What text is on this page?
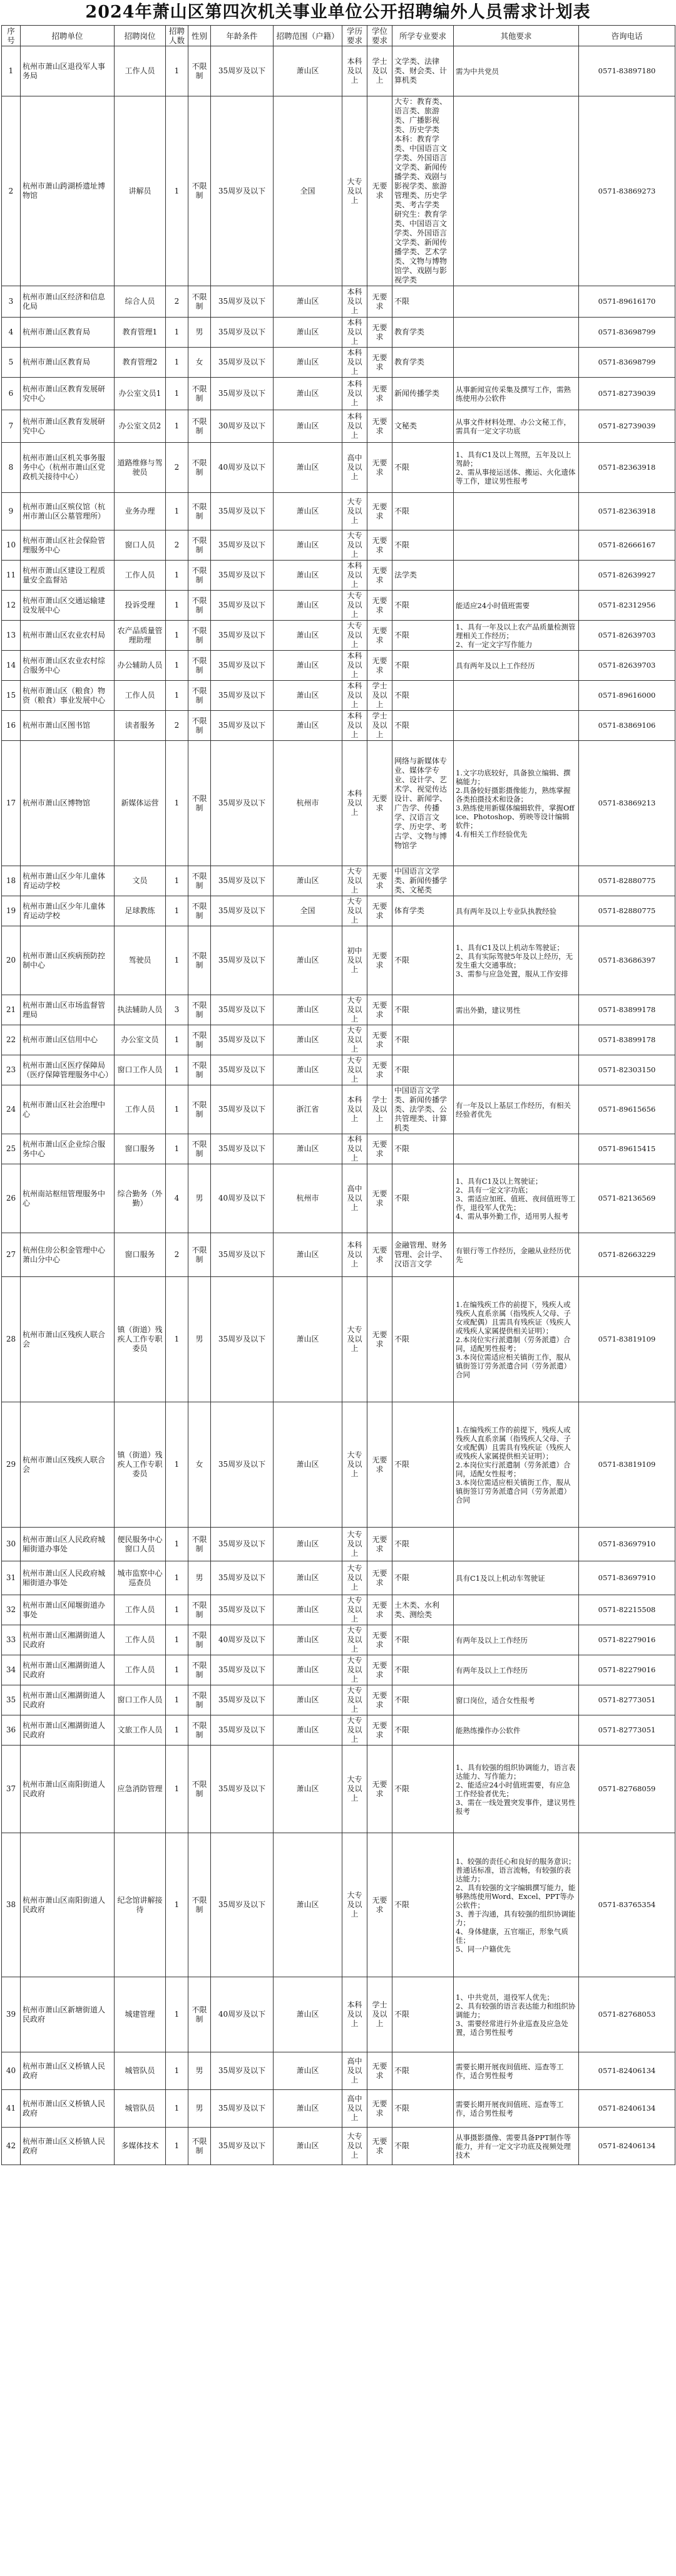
2024年萧山区第四次机关事业单位公开招聘编外人员需求计划表
序号	招聘单位	招聘岗位	招聘人数	性别	年龄条件	招聘范围（户籍）	学历要求	学位要求	所学专业要求	其他要求	咨询电话
1	杭州市萧山区退役军人事务局	工作人员	1	不限制	35周岁及以下	萧山区	本科及以上	学士及以上	文学类、法律类、财会类、计算机类	需为中共党员	0571-83897180
2	杭州市萧山跨湖桥遗址博物馆	讲解员	1	不限制	35周岁及以下	全国	大专及以上	无要求	大专：教育类、语言类、旅游类、广播影视类、历史学类
本科：教育学类、中国语言文学类、外国语言文学类、新闻传播学类、戏剧与影视学类、旅游管理类、历史学类、考古学类
研究生：教育学类、中国语言文学类、外国语言文学类、新闻传播学类、艺术学类、文物与博物馆学、戏剧与影视学类		0571-83869273
3	杭州市萧山区经济和信息化局	综合人员	2	不限制	35周岁及以下	萧山区	本科及以上	无要求	不限		0571-89616170
4	杭州市萧山区教育局	教育管理1	1	男	35周岁及以下	萧山区	本科及以上	无要求	教育学类		0571-83698799
5	杭州市萧山区教育局	教育管理2	1	女	35周岁及以下	萧山区	本科及以上	无要求	教育学类		0571-83698799
6	杭州市萧山区教育发展研究中心	办公室文员1	1	不限制	35周岁及以下	萧山区	本科及以上	无要求	新闻传播学类	从事新闻宣传采集及撰写工作，需熟练使用办公软件	0571-82739039
7	杭州市萧山区教育发展研究中心	办公室文员2	1	不限制	30周岁及以下	萧山区	本科及以上	无要求	文秘类	从事文件材料处理、办公文秘工作，需具有一定文字功底	0571-82739039
8	杭州市萧山区机关事务服务中心（杭州市萧山区党政机关接待中心）	道路维修与驾驶员	2	不限制	40周岁及以下	萧山区	高中及以上	无要求	不限	1、具有C1及以上驾照，五年及以上驾龄；
2、需从事接运送体、搬运、火化遗体等工作，建议男性报考	0571-82363918
9	杭州市萧山区殡仪馆（杭州市萧山区公墓管理所）	业务办理	1	不限制	35周岁及以下	萧山区	大专及以上	无要求	不限		0571-82363918
10	杭州市萧山区社会保险管理服务中心	窗口人员	2	不限制	35周岁及以下	萧山区	大专及以上	无要求	不限		0571-82666167
11	杭州市萧山区建设工程质量安全监督站	工作人员	1	不限制	35周岁及以下	萧山区	本科及以上	无要求	法学类		0571-82639927
12	杭州市萧山区交通运输建设发展中心	投诉受理	1	不限制	35周岁及以下	萧山区	大专及以上	无要求	不限	能适应24小时值班需要	0571-82312956
13	杭州市萧山区农业农村局	农产品质量管理助理	1	不限制	35周岁及以下	萧山区	大专及以上	无要求	不限	1、具有一年及以上农产品质量检测管理相关工作经历；
2、有一定文字写作能力	0571-82639703
14	杭州市萧山区农业农村综合服务中心	办公辅助人员	1	不限制	35周岁及以下	萧山区	本科及以上	无要求	不限	具有两年及以上工作经历	0571-82639703
15	杭州市萧山区（粮食）物资（粮食）事业发展中心	工作人员	1	不限制	35周岁及以下	萧山区	本科及以上	学士及以上	不限		0571-89616000
16	杭州市萧山区图书馆	读者服务	2	不限制	35周岁及以下	萧山区	本科及以上	学士及以上	不限		0571-83869106
17	杭州市萧山区博物馆	新媒体运营	1	不限制	35周岁及以下	杭州市	本科及以上	无要求	网络与新媒体专业、媒体学专业、设计学、艺术学、视觉传达设计、新闻学、广告学、传播学、汉语言文学、历史学、考古学、文物与博物馆学	1.文字功底较好，具备独立编辑、撰稿能力；
2.具备较好摄影摄像能力，熟练掌握各类拍摄技术和设备；
3.熟练使用新媒体编辑软件，掌握Office、Photoshop、剪映等设计编辑软件；
4.有相关工作经验优先	0571-83869213
18	杭州市萧山区少年儿童体育运动学校	文员	1	不限制	35周岁及以下	萧山区	大专及以上	无要求	中国语言文学类、新闻传播学类、文秘类		0571-82880775
19	杭州市萧山区少年儿童体育运动学校	足球教练	1	不限制	35周岁及以下	全国	大专及以上	无要求	体育学类	具有两年及以上专业队执教经验	0571-82880775
20	杭州市萧山区疾病预防控制中心	驾驶员	1	不限制	35周岁及以下	萧山区	初中及以上	无要求	不限	1、具有C1及以上机动车驾驶证；
2、具有实际驾驶5年及以上经历，无发生重大交通事故；
3、需参与应急处置，服从工作安排	0571-83686397
21	杭州市萧山区市场监督管理局	执法辅助人员	3	不限制	35周岁及以下	萧山区	大专及以上	无要求	不限	需出外勤，建议男性	0571-83899178
22	杭州市萧山区信用中心	办公室文员	1	不限制	35周岁及以下	萧山区	大专及以上	无要求	不限		0571-83899178
23	杭州市萧山区医疗保障局（医疗保障管理服务中心）	窗口工作人员	1	不限制	35周岁及以下	萧山区	大专及以上	无要求	不限		0571-82303150
24	杭州市萧山区社会治理中心	工作人员	1	不限制	35周岁及以下	浙江省	本科及以上	学士及以上	中国语言文学类、新闻传播学类、法学类、公共管理类、计算机类	有一年及以上基层工作经历，有相关经验者优先	0571-89615656
25	杭州市萧山区企业综合服务中心	窗口服务	1	不限制	35周岁及以下	萧山区	本科及以上	无要求	不限		0571-89615415
26	杭州南站枢纽管理服务中心	综合勤务（外勤）	4	男	40周岁及以下	杭州市	高中及以上	无要求	不限	1、具有C1及以上驾驶证；
2、具有一定文字功底；
3、需适应加班、值班、夜间值班等工作，退役军人优先；
4、需从事外勤工作，适用男人报考	0571-82136569
27	杭州住房公积金管理中心萧山分中心	窗口服务	2	不限制	35周岁及以下	萧山区	本科及以上	无要求	金融管理、财务管理、会计学、汉语言文学	有银行等工作经历，金融从业经历优先	0571-82663229
28	杭州市萧山区残疾人联合会	镇（街道）残疾人工作专职委员	1	男	35周岁及以下	萧山区	大专及以上	无要求	不限	1.在编残疾工作的前提下，残疾人或残疾人直系亲属（指残疾人父母、子女或配偶）且需具有残疾证（残疾人或残疾人家属提供相关证明）；
2.本岗位实行派遣制（劳务派遣）合同，适配男性报考；
3.本岗位需适应相关镇街工作，服从镇街签订劳务派遣合同（劳务派遣）合同	0571-83819109
29	杭州市萧山区残疾人联合会	镇（街道）残疾人工作专职委员	1	女	35周岁及以下	萧山区	大专及以上	无要求	不限	1.在编残疾工作的前提下，残疾人或残疾人直系亲属（指残疾人父母、子女或配偶）且需具有残疾证（残疾人或残疾人家属提供相关证明）；
2.本岗位实行派遣制（劳务派遣）合同，适配女性报考；
3.本岗位需适应相关镇街工作，服从镇街签订劳务派遣合同（劳务派遣）合同	0571-83819109
30	杭州市萧山区人民政府城厢街道办事处	便民服务中心窗口人员	1	不限制	35周岁及以下	萧山区	大专及以上	无要求	不限		0571-83697910
31	杭州市萧山区人民政府城厢街道办事处	城市监察中心巡查员	1	男	35周岁及以下	萧山区	大专及以上	无要求	不限	具有C1及以上机动车驾驶证	0571-83697910
32	杭州市萧山区闻堰街道办事处	工作人员	1	不限制	35周岁及以下	萧山区	大专及以上	无要求	土木类、水利类、测绘类		0571-82215508
33	杭州市萧山区湘湖街道人民政府	工作人员	1	不限制	40周岁及以下	萧山区	大专及以上	无要求	不限	有两年及以上工作经历	0571-82279016
34	杭州市萧山区湘湖街道人民政府	工作人员	1	不限制	35周岁及以下	萧山区	大专及以上	无要求	不限	有两年及以上工作经历	0571-82279016
35	杭州市萧山区湘湖街道人民政府	窗口工作人员	1	不限制	35周岁及以下	萧山区	大专及以上	无要求	不限	窗口岗位，适合女性报考	0571-82773051
36	杭州市萧山区湘湖街道人民政府	文旅工作人员	1	不限制	35周岁及以下	萧山区	大专及以上	无要求	不限	能熟练操作办公软件	0571-82773051
37	杭州市萧山区南阳街道人民政府	应急消防管理	1	不限制	35周岁及以下	萧山区	大专及以上	无要求	不限	1、具有较强的组织协调能力，语言表达能力、写作能力；
2、能适应24小时值班需要，有应急工作经验者优先；
3、需在一线处置突发事件，建议男性报考	0571-82768059
38	杭州市萧山区南阳街道人民政府	纪念馆讲解接待	1	不限制	35周岁及以下	萧山区	大专及以上	无要求	不限	1、较强的责任心和良好的服务意识；普通话标准，语言流畅，有较强的表达能力；
2、具有较强的文字编辑撰写能力，能够熟练使用Word、Excel、PPT等办公软件；
3、善于沟通，具有较强的组织协调能力；
4、身体健康，五官端正，形象气质佳；
5、同一户籍优先	0571-83765354
39	杭州市萧山区新塘街道人民政府	城建管理	1	不限制	40周岁及以下	萧山区	本科及以上	学士及以上	不限	1、中共党员，退役军人优先；
2、具有较强的语言表达能力和组织协调能力；
3、需要经常进行外业巡查及应急处置，适合男性报考	0571-82768053
40	杭州市萧山区义桥镇人民政府	城管队员	1	男	35周岁及以下	萧山区	高中及以上	无要求	不限	需要长期开展夜间值班、巡查等工作，适合男性报考	0571-82406134
41	杭州市萧山区义桥镇人民政府	城管队员	1	男	35周岁及以下	萧山区	高中及以上	无要求	不限	需要长期开展夜间值班、巡查等工作，适合男性报考	0571-82406134
42	杭州市萧山区义桥镇人民政府	多媒体技术	1	不限制	35周岁及以下	萧山区	大专及以上	无要求	不限	从事摄影摄像、需要具备PPT制作等能力，并有一定文字功底及视频处理技术	0571-82406134
